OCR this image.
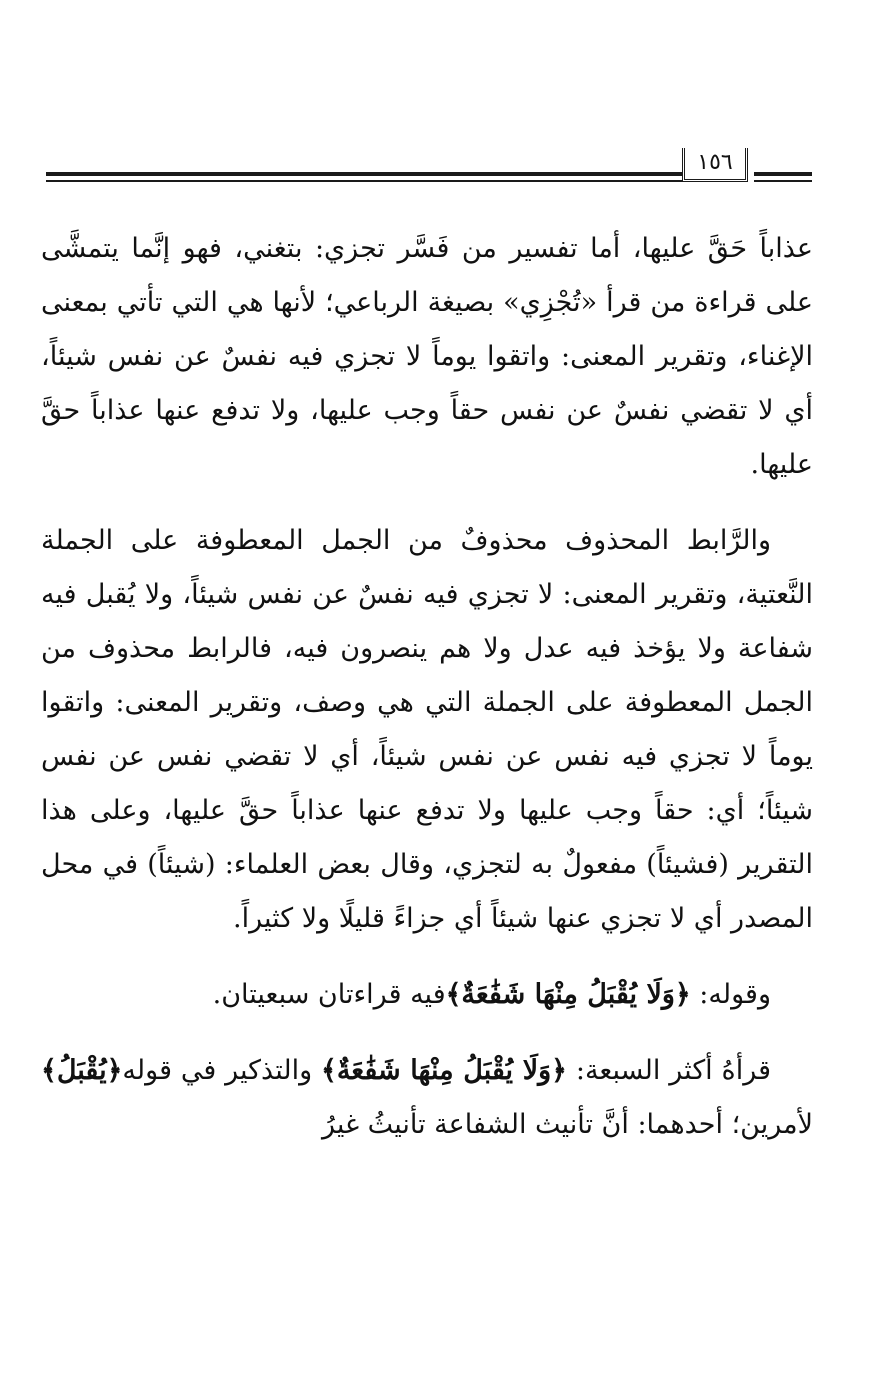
١٥٦

عذاباً حَقَّ عليها، أما تفسير من فَسَّر تجزي: بتغني، فهو إنَّما يتمشَّى على قراءة من قرأ «تُجْزِي» بصيغة الرباعي؛ لأنها هي التي تأتي بمعنى الإغناء، وتقرير المعنى: واتقوا يوماً لا تجزي فيه نفسٌ عن نفس شيئاً، أي لا تقضي نفسٌ عن نفس حقاً وجب عليها، ولا تدفع عنها عذاباً حقَّ عليها.

والرَّابط المحذوف محذوفٌ من الجمل المعطوفة على الجملة النَّعتية، وتقرير المعنى: لا تجزي فيه نفسٌ عن نفس شيئاً، ولا يُقبل فيه شفاعة ولا يؤخذ فيه عدل ولا هم ينصرون فيه، فالرابط محذوف من الجمل المعطوفة على الجملة التي هي وصف، وتقرير المعنى: واتقوا يوماً لا تجزي فيه نفس عن نفس شيئاً، أي لا تقضي نفس عن نفس شيئاً؛ أي: حقاً وجب عليها ولا تدفع عنها عذاباً حقَّ عليها، وعلى هذا التقرير (فشيئاً) مفعولٌ به لتجزي، وقال بعض العلماء: (شيئاً) في محل المصدر أي لا تجزي عنها شيئاً أي جزاءً قليلًا ولا كثيراً.

وقوله: ﴿وَلَا يُقْبَلُ مِنْهَا شَفَٰعَةٌ﴾فيه قراءتان سبعيتان.

قرأهُ أكثر السبعة: ﴿وَلَا يُقْبَلُ مِنْهَا شَفَٰعَةٌ﴾ والتذكير في قوله﴿يُقْبَلُ﴾ لأمرين؛ أحدهما: أنَّ تأنيث الشفاعة تأنيثُ غيرُ
